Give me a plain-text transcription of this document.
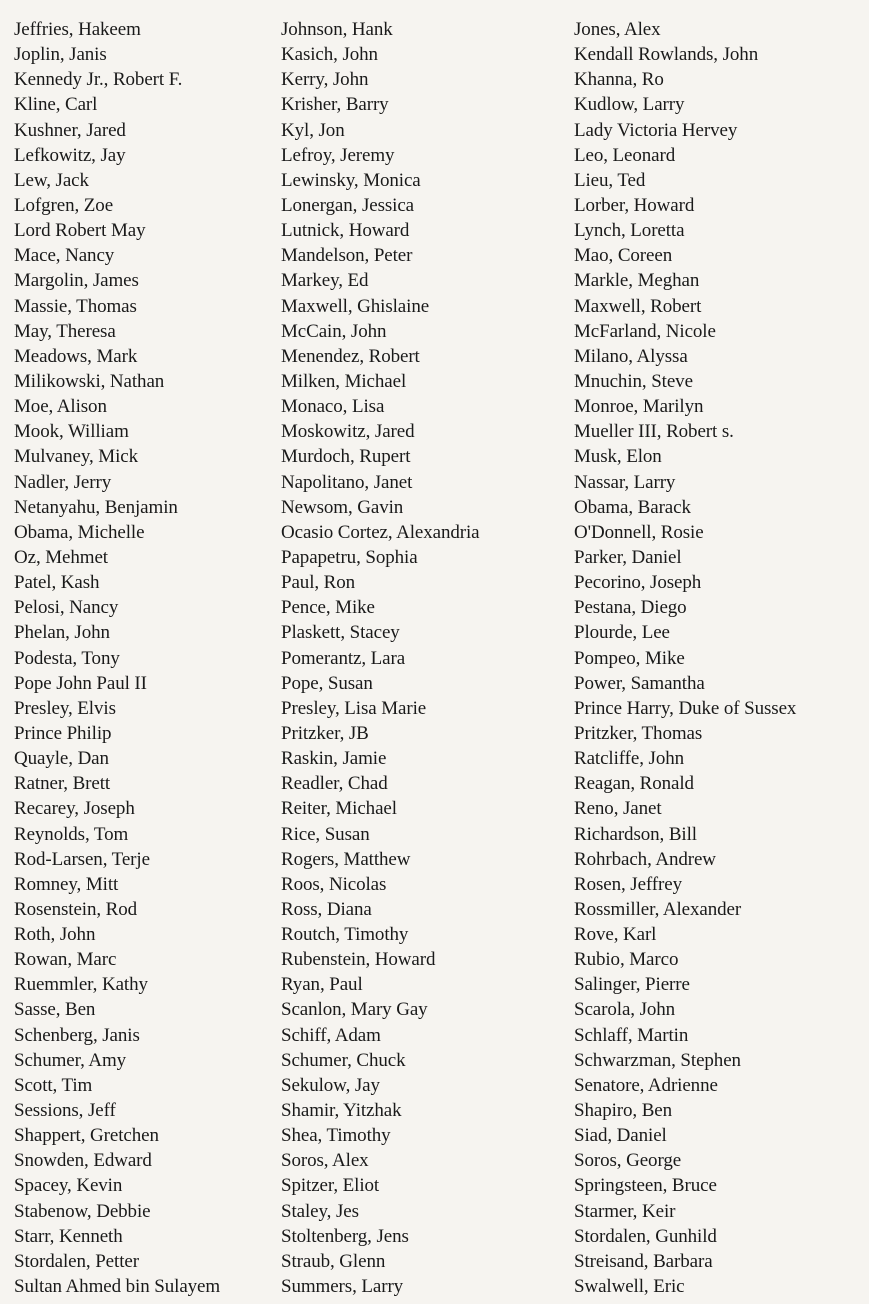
Jeffries, Hakeem
Joplin, Janis
Kennedy Jr., Robert F.
Kline, Carl
Kushner, Jared
Lefkowitz, Jay
Lew, Jack
Lofgren, Zoe
Lord Robert May
Mace, Nancy
Margolin, James
Massie, Thomas
May, Theresa
Meadows, Mark
Milikowski, Nathan
Moe, Alison
Mook, William
Mulvaney, Mick
Nadler, Jerry
Netanyahu, Benjamin
Obama, Michelle
Oz, Mehmet
Patel, Kash
Pelosi, Nancy
Phelan, John
Podesta, Tony
Pope John Paul II
Presley, Elvis
Prince Philip
Quayle, Dan
Ratner, Brett
Recarey, Joseph
Reynolds, Tom
Rod-Larsen, Terje
Romney, Mitt
Rosenstein, Rod
Roth, John
Rowan, Marc
Ruemmler, Kathy
Sasse, Ben
Schenberg, Janis
Schumer, Amy
Scott, Tim
Sessions, Jeff
Shappert, Gretchen
Snowden, Edward
Spacey, Kevin
Stabenow, Debbie
Starr, Kenneth
Stordalen, Petter
Sultan Ahmed bin Sulayem
Johnson, Hank
Kasich, John
Kerry, John
Krisher, Barry
Kyl, Jon
Lefroy, Jeremy
Lewinsky, Monica
Lonergan, Jessica
Lutnick, Howard
Mandelson, Peter
Markey, Ed
Maxwell, Ghislaine
McCain, John
Menendez, Robert
Milken, Michael
Monaco, Lisa
Moskowitz, Jared
Murdoch, Rupert
Napolitano, Janet
Newsom, Gavin
Ocasio Cortez, Alexandria
Papapetru, Sophia
Paul, Ron
Pence, Mike
Plaskett, Stacey
Pomerantz, Lara
Pope, Susan
Presley, Lisa Marie
Pritzker, JB
Raskin, Jamie
Readler, Chad
Reiter, Michael
Rice, Susan
Rogers, Matthew
Roos, Nicolas
Ross, Diana
Routch, Timothy
Rubenstein, Howard
Ryan, Paul
Scanlon, Mary Gay
Schiff, Adam
Schumer, Chuck
Sekulow, Jay
Shamir, Yitzhak
Shea, Timothy
Soros, Alex
Spitzer, Eliot
Staley, Jes
Stoltenberg, Jens
Straub, Glenn
Summers, Larry
Jones, Alex
Kendall Rowlands, John
Khanna, Ro
Kudlow, Larry
Lady Victoria Hervey
Leo, Leonard
Lieu, Ted
Lorber, Howard
Lynch, Loretta
Mao, Coreen
Markle, Meghan
Maxwell, Robert
McFarland, Nicole
Milano, Alyssa
Mnuchin, Steve
Monroe, Marilyn
Mueller III, Robert s.
Musk, Elon
Nassar, Larry
Obama, Barack
O'Donnell, Rosie
Parker, Daniel
Pecorino, Joseph
Pestana, Diego
Plourde, Lee
Pompeo, Mike
Power, Samantha
Prince Harry, Duke of Sussex
Pritzker, Thomas
Ratcliffe, John
Reagan, Ronald
Reno, Janet
Richardson, Bill
Rohrbach, Andrew
Rosen, Jeffrey
Rossmiller, Alexander
Rove, Karl
Rubio, Marco
Salinger, Pierre
Scarola, John
Schlaff, Martin
Schwarzman, Stephen
Senatore, Adrienne
Shapiro, Ben
Siad, Daniel
Soros, George
Springsteen, Bruce
Starmer, Keir
Stordalen, Gunhild
Streisand, Barbara
Swalwell, Eric
